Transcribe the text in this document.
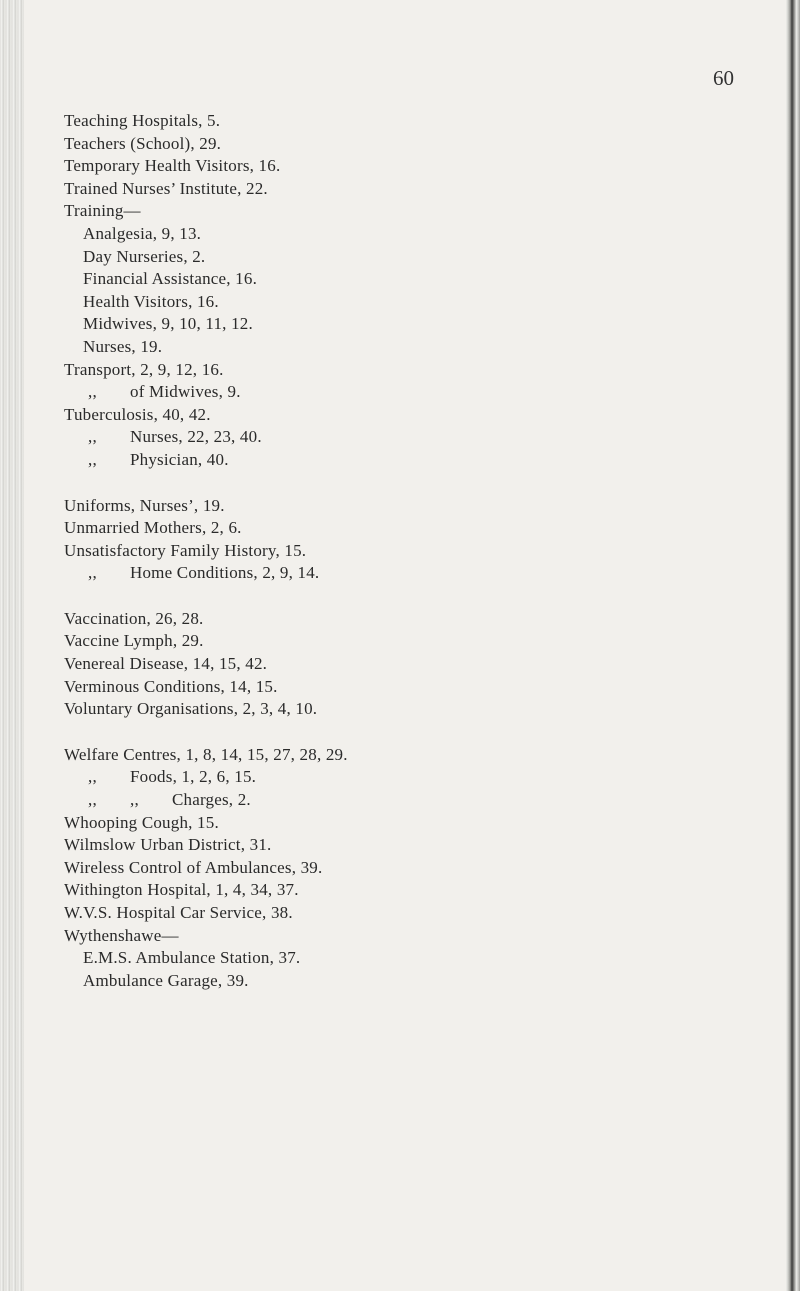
60
Teaching Hospitals, 5.
Teachers (School), 29.
Temporary Health Visitors, 16.
Trained Nurses’ Institute, 22.
Training—
Analgesia, 9, 13.
Day Nurseries, 2.
Financial Assistance, 16.
Health Visitors, 16.
Midwives, 9, 10, 11, 12.
Nurses, 19.
Transport, 2, 9, 12, 16.
,, of Midwives, 9.
Tuberculosis, 40, 42.
,, Nurses, 22, 23, 40.
,, Physician, 40.
Uniforms, Nurses’, 19.
Unmarried Mothers, 2, 6.
Unsatisfactory Family History, 15.
,, Home Conditions, 2, 9, 14.
Vaccination, 26, 28.
Vaccine Lymph, 29.
Venereal Disease, 14, 15, 42.
Verminous Conditions, 14, 15.
Voluntary Organisations, 2, 3, 4, 10.
Welfare Centres, 1, 8, 14, 15, 27, 28, 29.
,, Foods, 1, 2, 6, 15.
,, ,, Charges, 2.
Whooping Cough, 15.
Wilmslow Urban District, 31.
Wireless Control of Ambulances, 39.
Withington Hospital, 1, 4, 34, 37.
W.V.S. Hospital Car Service, 38.
Wythenshawe—
E.M.S. Ambulance Station, 37.
Ambulance Garage, 39.
